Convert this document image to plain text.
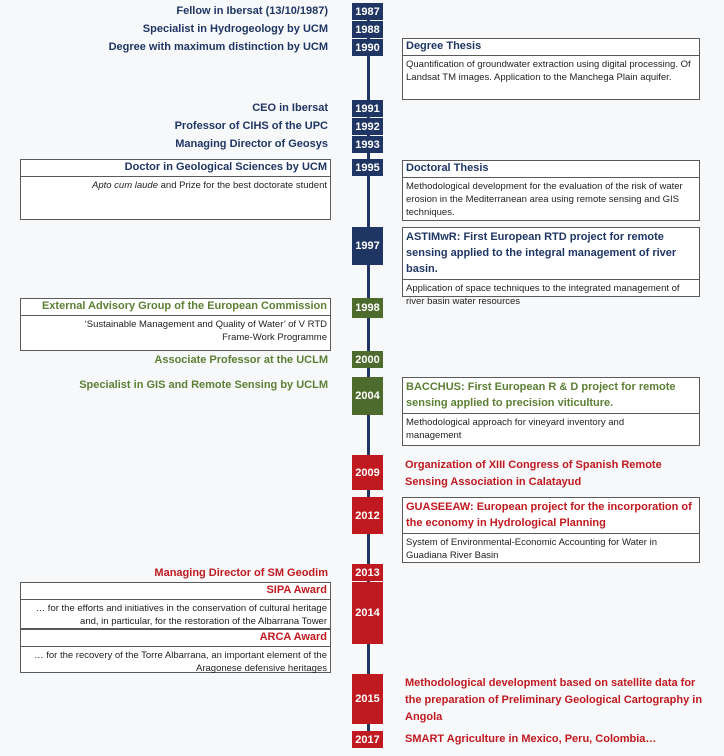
1987
1988
1990
1991
1992
1993
1995
1997
1998
2000
2004
2009
2012
2013
2014
2015
2017
Fellow in Ibersat (13/10/1987)
Specialist in Hydrogeology by UCM
Degree with maximum distinction by UCM
CEO in Ibersat
Professor of CIHS of the UPC
Managing Director of Geosys
Doctor in Geological Sciences by UCM
Apto cum laude and Prize for the best doctorate student
Degree Thesis
Quantification of groundwater extraction using digital processing. Of Landsat TM images. Application to the Manchega Plain aquifer.
Doctoral Thesis
Methodological development for the evaluation of the risk of water erosion in the Mediterranean area using remote sensing and GIS techniques.
ASTIMwR: First European RTD project for remote sensing applied to the integral management of river basin.
Application of space techniques to the integrated management of river basin water resources
External Advisory Group of the European Commission
‘Sustainable Management and Quality of Water’ of V RTD Frame-Work Programme
Associate Professor at the UCLM
Specialist in GIS and Remote Sensing by UCLM	BACCHUS: First European R & D project for remote sensing applied to precision viticulture.
Methodological approach for vineyard inventory and management
Organization of XIII Congress of Spanish Remote Sensing Association in Calatayud
GUASEEAW: European project for the incorporation of the economy in Hydrological Planning
System of Environmental-Economic Accounting for Water in Guadiana River Basin
Managing Director of SM Geodim
SIPA Award
… for the efforts and initiatives in the conservation of cultural heritage and, in particular, for the restoration of the Albarrana Tower
ARCA Award
… for the recovery of the Torre Albarrana, an important element of the Aragonese defensive heritages
Methodological development based on satellite data for the preparation of Preliminary Geological Cartography in Angola
SMART Agriculture in Mexico, Peru, Colombia…
